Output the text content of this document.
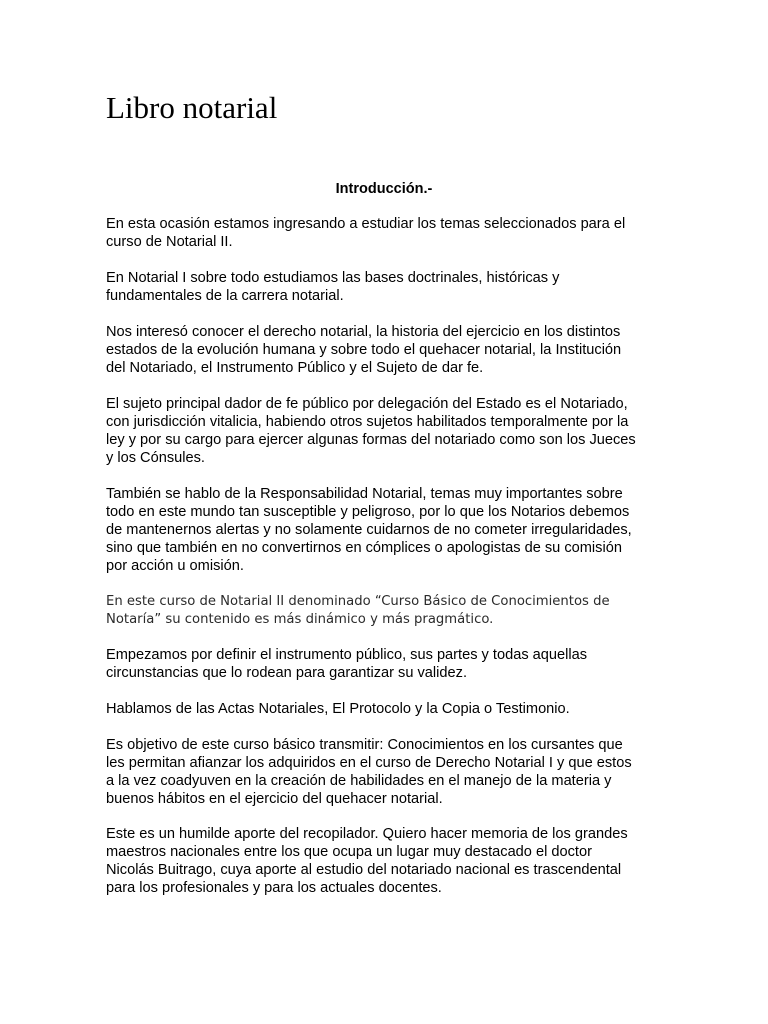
Libro notarial
Introducción.-

En esta ocasión estamos ingresando a estudiar los temas seleccionados para el
curso de Notarial II.

En Notarial I sobre todo estudiamos las bases doctrinales, históricas y
fundamentales de la carrera notarial.

Nos interesó conocer el derecho notarial, la historia del ejercicio en los distintos
estados de la evolución humana y sobre todo el quehacer notarial, la Institución
del Notariado, el Instrumento Público y el Sujeto de dar fe.

El sujeto principal dador de fe público por delegación del Estado es el Notariado,
con jurisdicción vitalicia, habiendo otros sujetos habilitados temporalmente por la
ley y por su cargo para ejercer algunas formas del notariado como son los Jueces
y los Cónsules.

También se hablo de la Responsabilidad Notarial, temas muy importantes sobre
todo en este mundo tan susceptible y peligroso, por lo que los Notarios debemos
de mantenernos alertas y no solamente cuidarnos de no cometer irregularidades,
sino que también en no convertirnos en cómplices o apologistas de su comisión
por acción u omisión.

En este curso de Notarial II denominado “Curso Básico de Conocimientos de
Notaría” su contenido es más dinámico y más pragmático.

Empezamos por definir el instrumento público, sus partes y todas aquellas
circunstancias que lo rodean para garantizar su validez.

Hablamos de las Actas Notariales, El Protocolo y la Copia o Testimonio.

Es objetivo de este curso básico transmitir: Conocimientos en los cursantes que
les permitan afianzar los adquiridos en el curso de Derecho Notarial I y que estos
a la vez coadyuven en la creación de habilidades en el manejo de la materia y
buenos hábitos en el ejercicio del quehacer notarial.

Este es un humilde aporte del recopilador. Quiero hacer memoria de los grandes
maestros nacionales entre los que ocupa un lugar muy destacado el doctor
Nicolás Buitrago, cuya aporte al estudio del notariado nacional es trascendental
para los profesionales y para los actuales docentes.
